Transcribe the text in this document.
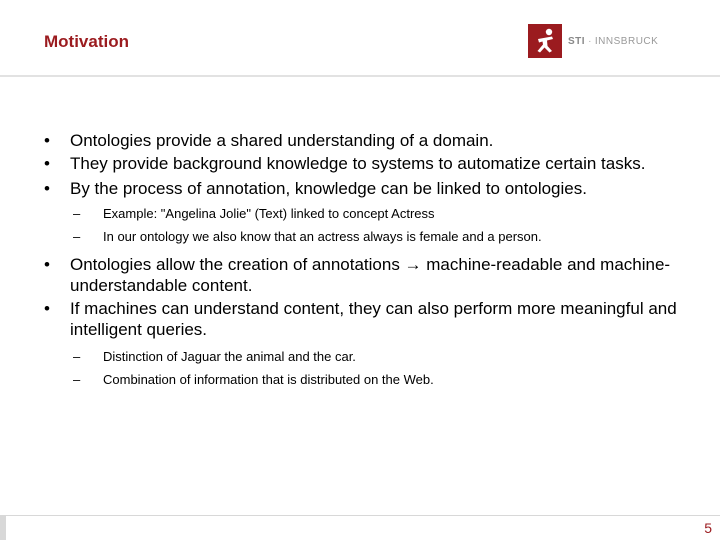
Motivation	STI · INNSBRUCK
• Ontologies provide a shared understanding of a domain.
• They provide background knowledge to systems to automatize certain tasks.
• By the process of annotation, knowledge can be linked to ontologies.
– Example: "Angelina Jolie" (Text) linked to concept Actress
– In our ontology we also know that an actress always is female and a person.
• Ontologies allow the creation of annotations → machine-readable and machine-understandable content.
• If machines can understand content, they can also perform more meaningful and intelligent queries.
– Distinction of Jaguar the animal and the car.
– Combination of information that is distributed on the Web.
5
